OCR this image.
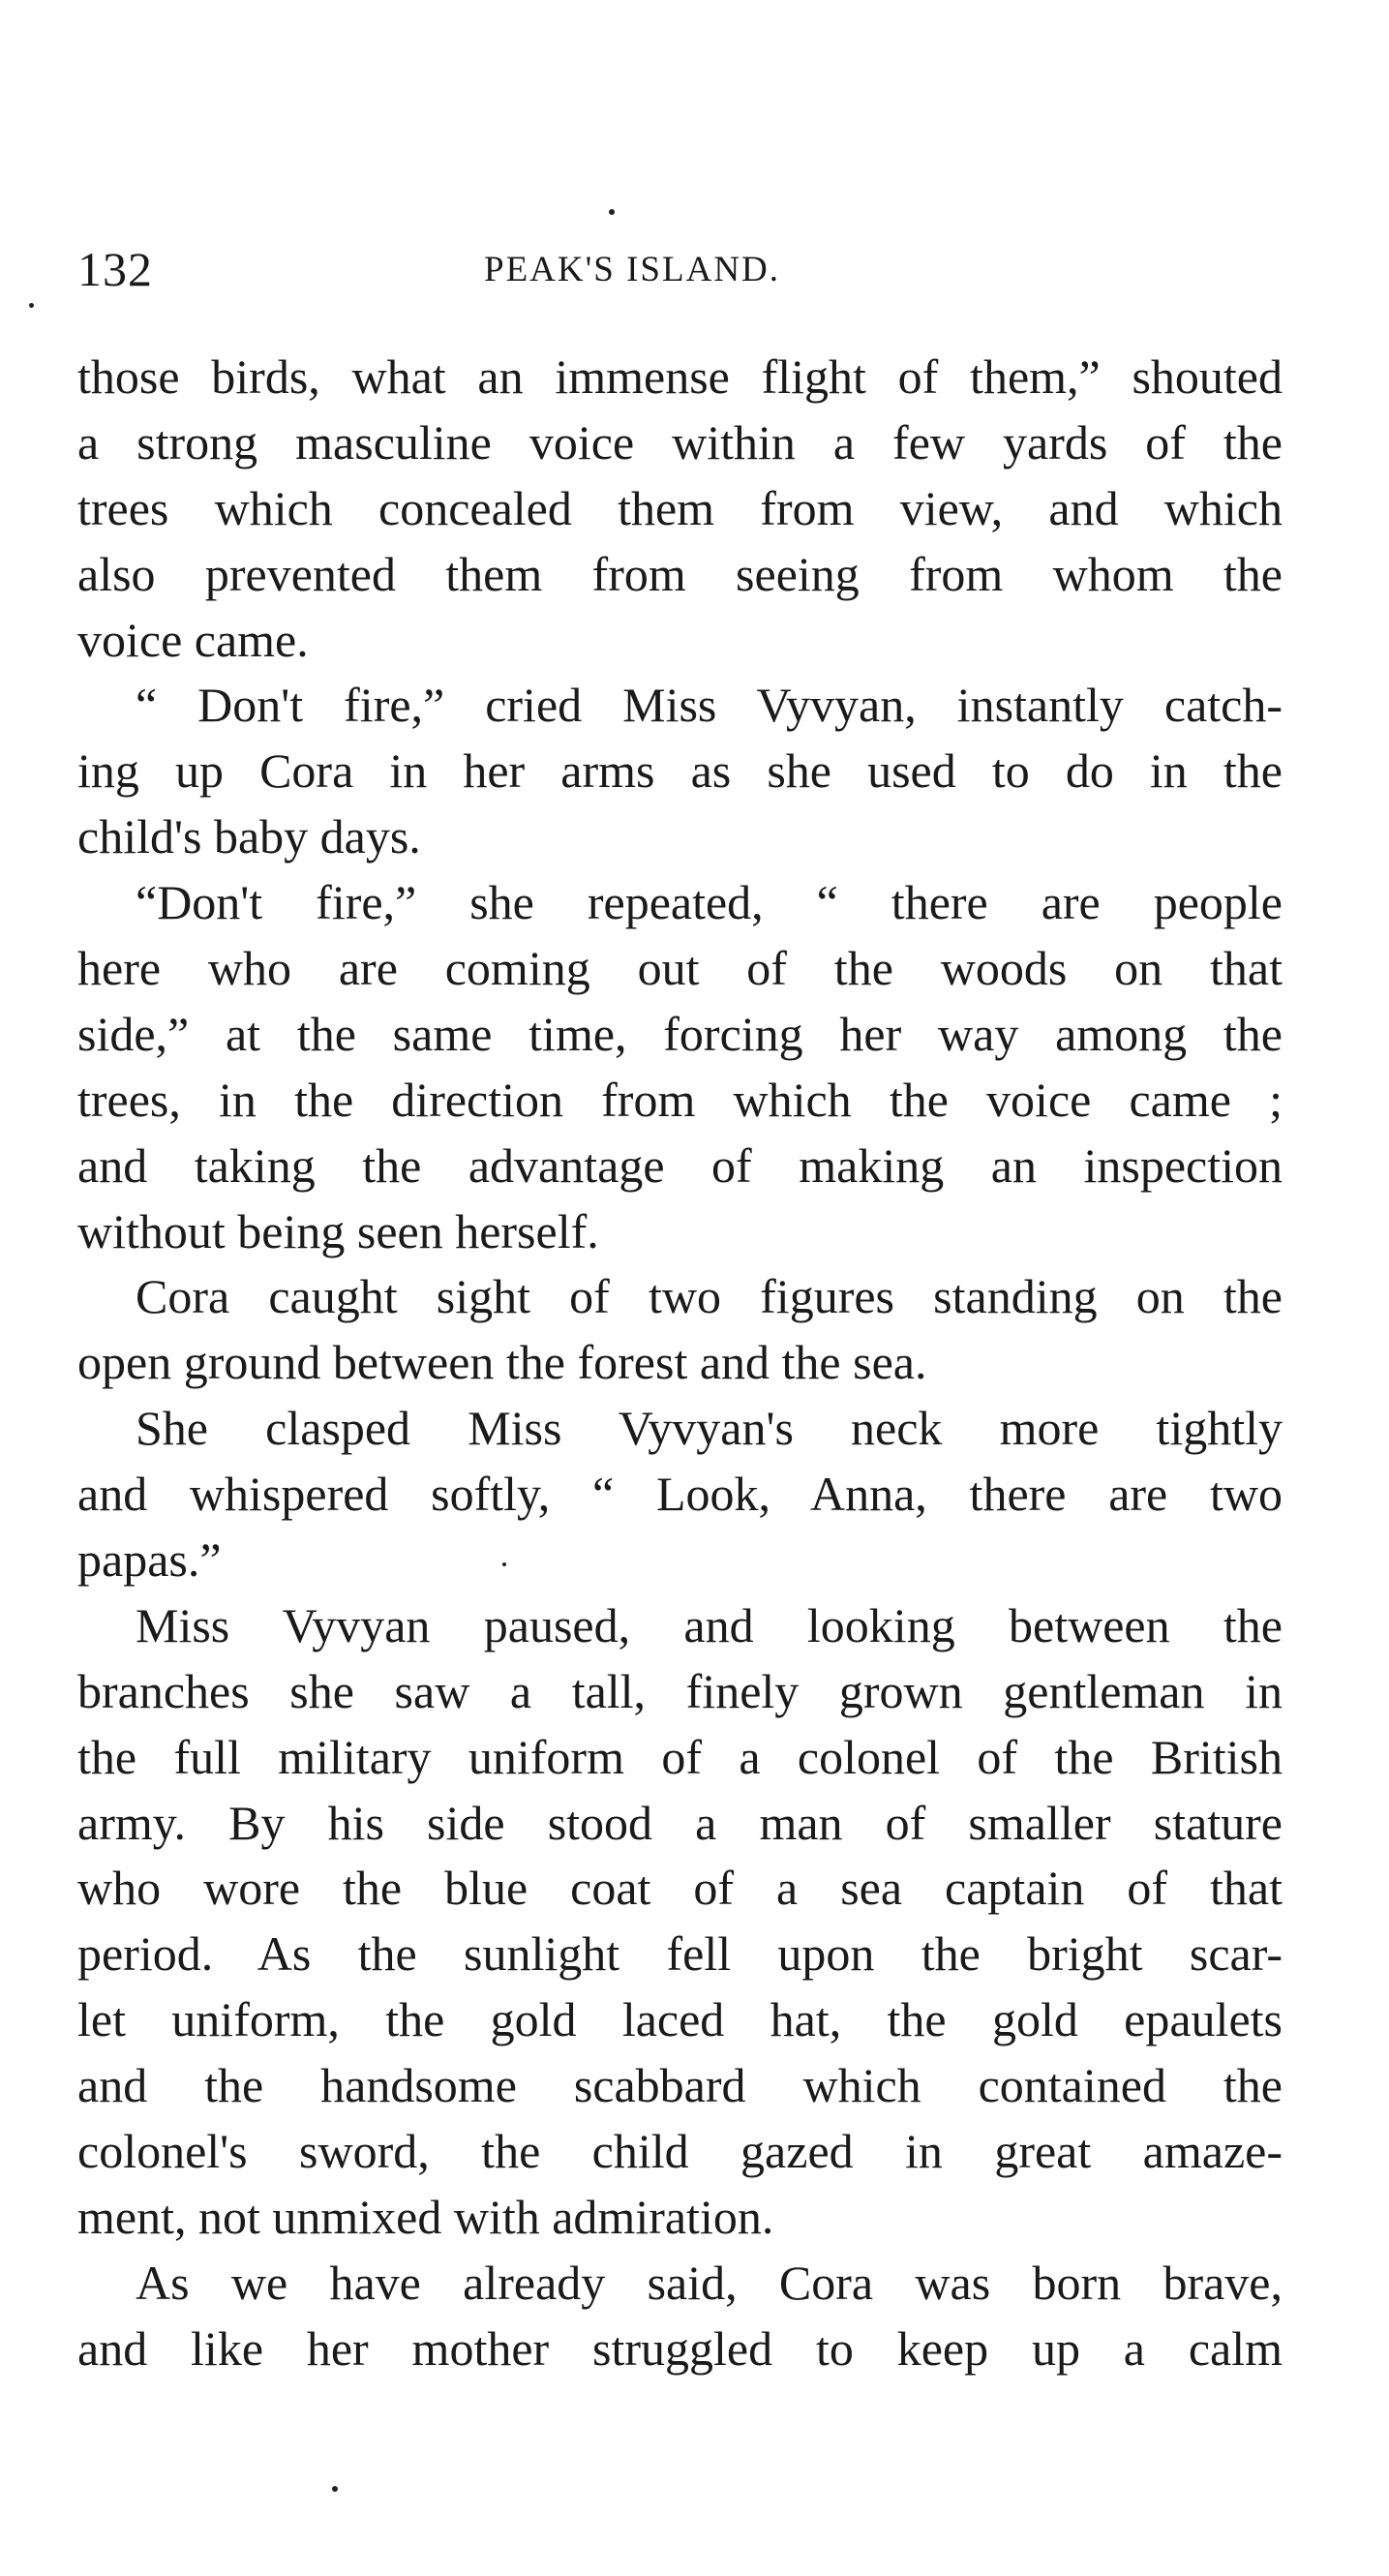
132	PEAK'S ISLAND.
those birds, what an immense flight of them,” shouted
a strong masculine voice within a few yards of the
trees which concealed them from view, and which
also prevented them from seeing from whom the
voice came.
“ Don't fire,” cried Miss Vyvyan, instantly catch-
ing up Cora in her arms as she used to do in the
child's baby days.
“Don't fire,” she repeated, “ there are people
here who are coming out of the woods on that
side,” at the same time, forcing her way among the
trees, in the direction from which the voice came ;
and taking the advantage of making an inspection
without being seen herself.
Cora caught sight of two figures standing on the
open ground between the forest and the sea.
She clasped Miss Vyvyan's neck more tightly
and whispered softly, “ Look, Anna, there are two
papas.”
Miss Vyvyan paused, and looking between the
branches she saw a tall, finely grown gentleman in
the full military uniform of a colonel of the British
army. By his side stood a man of smaller stature
who wore the blue coat of a sea captain of that
period. As the sunlight fell upon the bright scar-
let uniform, the gold laced hat, the gold epaulets
and the handsome scabbard which contained the
colonel's sword, the child gazed in great amaze-
ment, not unmixed with admiration.
As we have already said, Cora was born brave,
and like her mother struggled to keep up a calm
